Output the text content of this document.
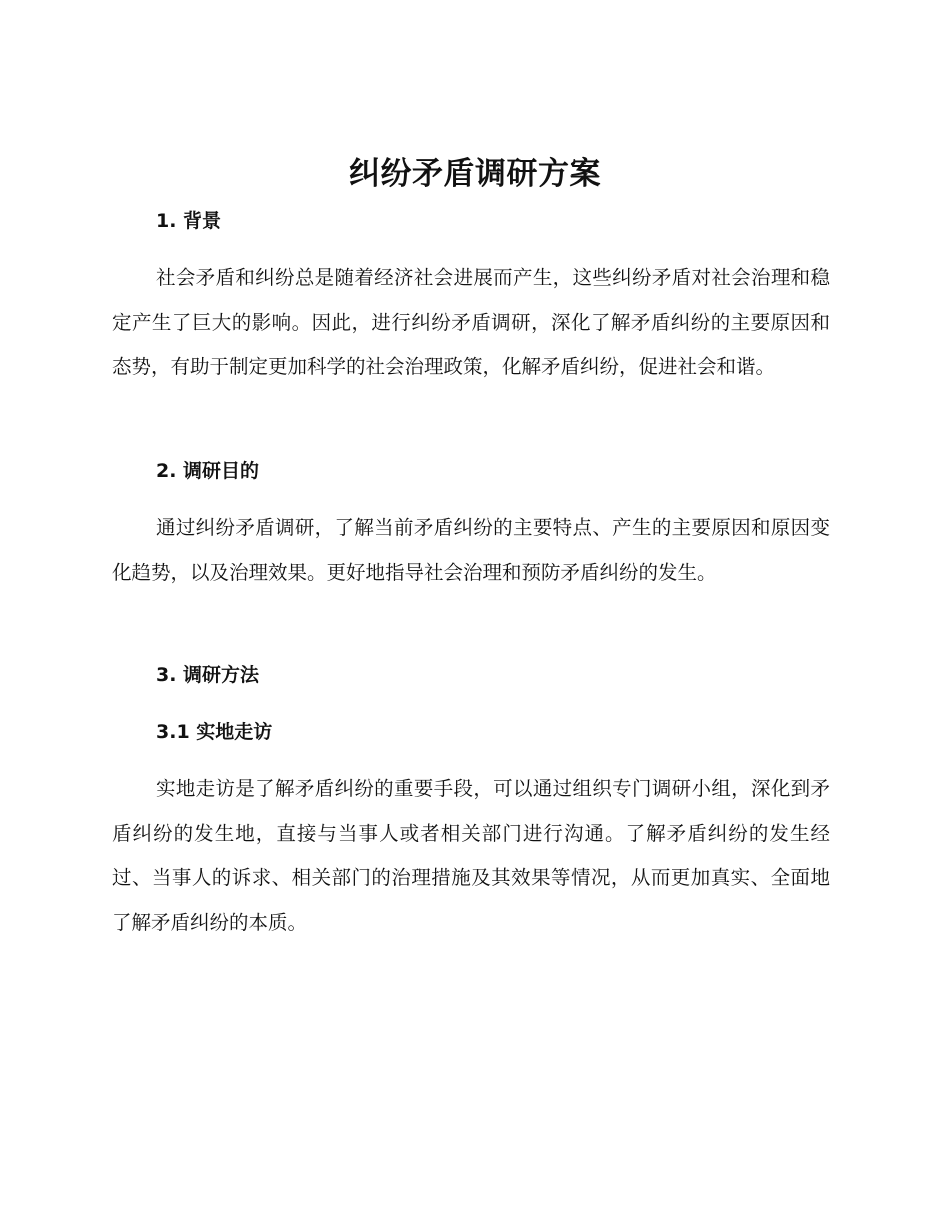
纠纷矛盾调研方案
1. 背景

社会矛盾和纠纷总是随着经济社会进展而产生，这些纠纷矛盾对社会治理和稳定产生了巨大的影响。因此，进行纠纷矛盾调研，深化了解矛盾纠纷的主要原因和态势，有助于制定更加科学的社会治理政策，化解矛盾纠纷，促进社会和谐。

2. 调研目的

通过纠纷矛盾调研，了解当前矛盾纠纷的主要特点、产生的主要原因和原因变化趋势，以及治理效果。更好地指导社会治理和预防矛盾纠纷的发生。

3. 调研方法
3.1 实地走访

实地走访是了解矛盾纠纷的重要手段，可以通过组织专门调研小组，深化到矛盾纠纷的发生地，直接与当事人或者相关部门进行沟通。了解矛盾纠纷的发生经过、当事人的诉求、相关部门的治理措施及其效果等情况，从而更加真实、全面地了解矛盾纠纷的本质。
